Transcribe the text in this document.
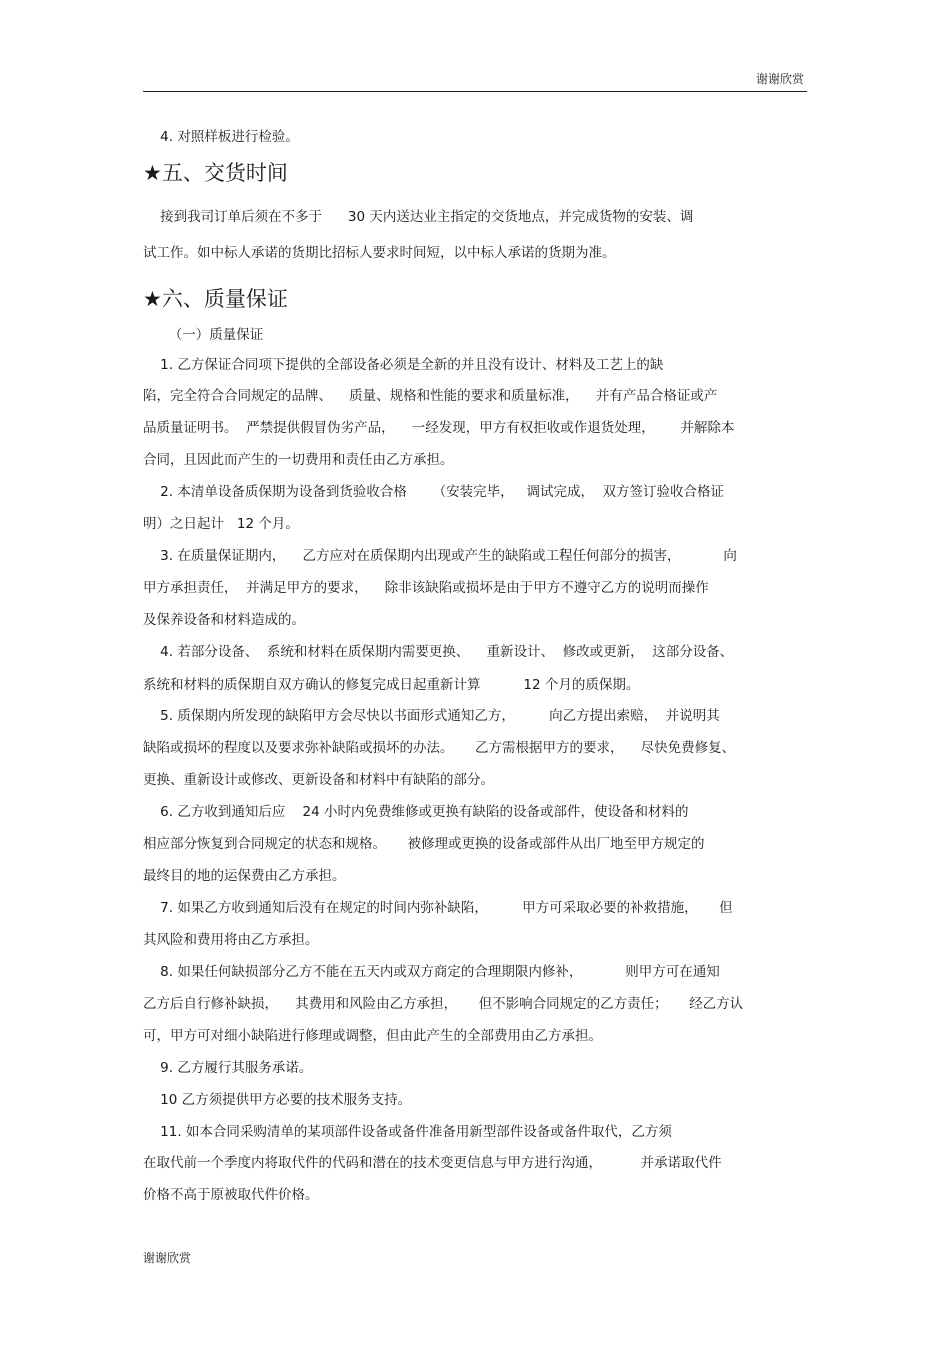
谢谢欣赏
4. 对照样板进行检验。
★五、交货时间
接到我司订单后须在不多于      30 天内送达业主指定的交货地点，并完成货物的安装、调
试工作。如中标人承诺的货期比招标人要求时间短，以中标人承诺的货期为准。
★六、质量保证
（一）质量保证
1. 乙方保证合同项下提供的全部设备必须是全新的并且没有设计、材料及工艺上的缺
陷，完全符合合同规定的品牌、    质量、规格和性能的要求和质量标准，    并有产品合格证或产
品质量证明书。  严禁提供假冒伪劣产品，    一经发现，甲方有权拒收或作退货处理，      并解除本
合同，且因此而产生的一切费用和责任由乙方承担。
2. 本清单设备质保期为设备到货验收合格      （安装完毕，   调试完成，  双方签订验收合格证
明）之日起计   12 个月。
3. 在质量保证期内，    乙方应对在质保期内出现或产生的缺陷或工程任何部分的损害，          向
甲方承担责任，  并满足甲方的要求，    除非该缺陷或损坏是由于甲方不遵守乙方的说明而操作
及保养设备和材料造成的。
4. 若部分设备、  系统和材料在质保期内需要更换、    重新设计、  修改或更新，  这部分设备、
系统和材料的质保期自双方确认的修复完成日起重新计算          12 个月的质保期。
5. 质保期内所发现的缺陷甲方会尽快以书面形式通知乙方，        向乙方提出索赔，  并说明其
缺陷或损坏的程度以及要求弥补缺陷或损坏的办法。     乙方需根据甲方的要求，    尽快免费修复、
更换、重新设计或修改、更新设备和材料中有缺陷的部分。
6. 乙方收到通知后应    24 小时内免费维修或更换有缺陷的设备或部件，使设备和材料的
相应部分恢复到合同规定的状态和规格。     被修理或更换的设备或部件从出厂地至甲方规定的
最终目的地的运保费由乙方承担。
7. 如果乙方收到通知后没有在规定的时间内弥补缺陷，        甲方可采取必要的补救措施，     但
其风险和费用将由乙方承担。
8. 如果任何缺损部分乙方不能在五天内或双方商定的合理期限内修补，          则甲方可在通知
乙方后自行修补缺损，    其费用和风险由乙方承担，     但不影响合同规定的乙方责任；     经乙方认
可，甲方可对细小缺陷进行修理或调整，但由此产生的全部费用由乙方承担。
9. 乙方履行其服务承诺。
10 乙方须提供甲方必要的技术服务支持。
11. 如本合同采购清单的某项部件设备或备件准备用新型部件设备或备件取代，乙方须
在取代前一个季度内将取代件的代码和潜在的技术变更信息与甲方进行沟通，         并承诺取代件
价格不高于原被取代件价格。
谢谢欣赏
